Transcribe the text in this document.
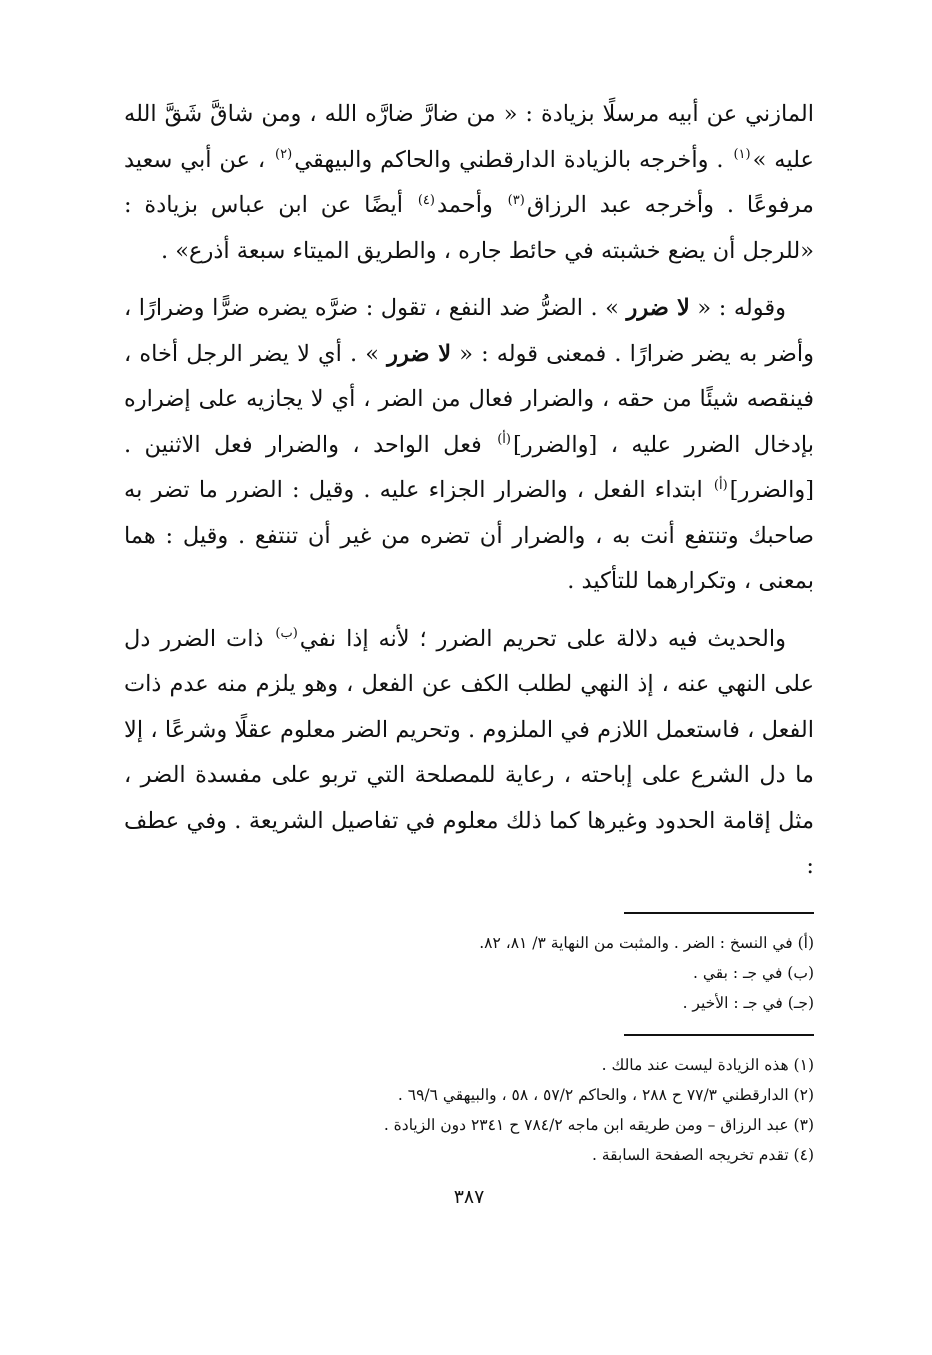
المازني عن أبيه مرسلًا بزيادة : « من ضارَّ ضارَّه الله ، ومن شاقَّ شَقَّ الله عليه »$^{(١)}$ . وأخرجه بالزيادة الدارقطني والحاكم والبيهقي$^{(٢)}$ ، عن أبي سعيد مرفوعًا . وأخرجه عبد الرزاق$^{(٣)}$ وأحمد$^{(٤)}$ أيضًا عن ابن عباس بزيادة : «للرجل أن يضع خشبته في حائط جاره ، والطريق الميتاء سبعة أذرع» .

وقوله : « لا ضرر » . الضرُّ ضد النفع ، تقول : ضرَّه يضره ضرًّا وضرارًا ، وأضر به يضر ضرارًا . فمعنى قوله : « لا ضرر » . أي لا يضر الرجل أخاه ، فينقصه شيئًا من حقه ، والضرار فعال من الضر ، أي لا يجازيه على إضراره بإدخال الضرر عليه ، [والضرر]$^{(أ)}$ فعل الواحد ، والضرار فعل الاثنين . [والضرر]$^{(أ)}$ ابتداء الفعل ، والضرار الجزاء عليه . وقيل : الضرر ما تضر به صاحبك وتنتفع أنت به ، والضرار أن تضره من غير أن تنتفع . وقيل : هما بمعنى ، وتكرارهما للتأكيد .

والحديث فيه دلالة على تحريم الضرر ؛ لأنه إذا نفي$^{(ب)}$ ذات الضرر دل على النهي عنه ، إذ النهي لطلب الكف عن الفعل ، وهو يلزم منه عدم ذات الفعل ، فاستعمل اللازم في الملزوم . وتحريم الضر معلوم عقلًا وشرعًا ، إلا ما دل الشرع على إباحته ، رعاية للمصلحة التي تربو على مفسدة الضر ، مثل إقامة الحدود وغيرها كما ذلك معلوم في تفاصيل الشريعة . وفي عطف :

(أ) في النسخ : الضر . والمثبت من النهاية ٣/ ٨١، ٨٢.
(ب) في جـ : بقي .
(جـ) في جـ : الأخير .
(١) هذه الزيادة ليست عند مالك .
(٢) الدارقطني ٧٧/٣ ح ٢٨٨ ، والحاكم ٥٧/٢ ، ٥٨ ، والبيهقي ٦٩/٦ .
(٣) عبد الرزاق – ومن طريقه ابن ماجه ٧٨٤/٢ ح ٢٣٤١ دون الزيادة .
(٤) تقدم تخريجه الصفحة السابقة .
٣٨٧
